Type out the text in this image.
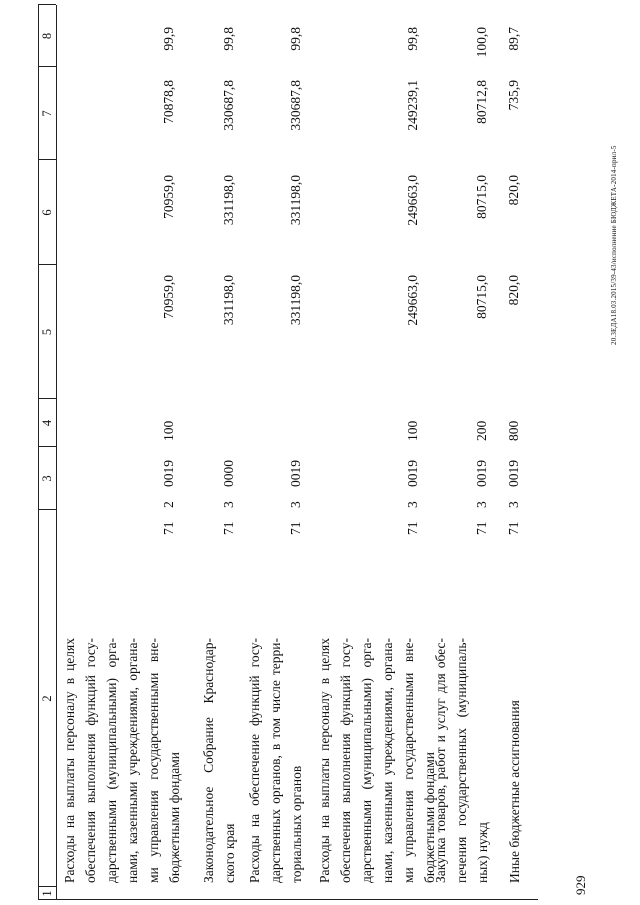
1
2
3
4
5
6
7
8
Расходы на выплаты персоналу в целях обеспечения выполнения функций госу- дарственными (муниципальными) орга- нами, казенными учреждениями, органа- ми управления государственными вне- бюджетными фондами
71
2
0019
100
70959,0
70959,0
70878,8
99,9
Законодательное Собрание Краснодар- ского края
71
3
0000
331198,0
331198,0
330687,8
99,8
Расходы на обеспечение функций госу- дарственных органов, в том числе терри- ториальных органов
71
3
0019
331198,0
331198,0
330687,8
99,8
Расходы на выплаты персоналу в целях обеспечения выполнения функций госу- дарственными (муниципальными) орга- нами, казенными учреждениями, органа- ми управления государственными вне- бюджетными фондами
71
3
0019
100
249663,0
249663,0
249239,1
99,8
Закупка товаров, работ и услуг для обес- печения государственных (муниципаль- ных) нужд
71
3
0019
200
80715,0
80715,0
80712,8
100,0
Иные бюджетные ассигнования
71
3
0019
800
820,0
820,0
735,9
89,7
929
20.3ЕДА18.03.2015/39-43/исполнение БЮДЖЕТА-2014-прил-5
